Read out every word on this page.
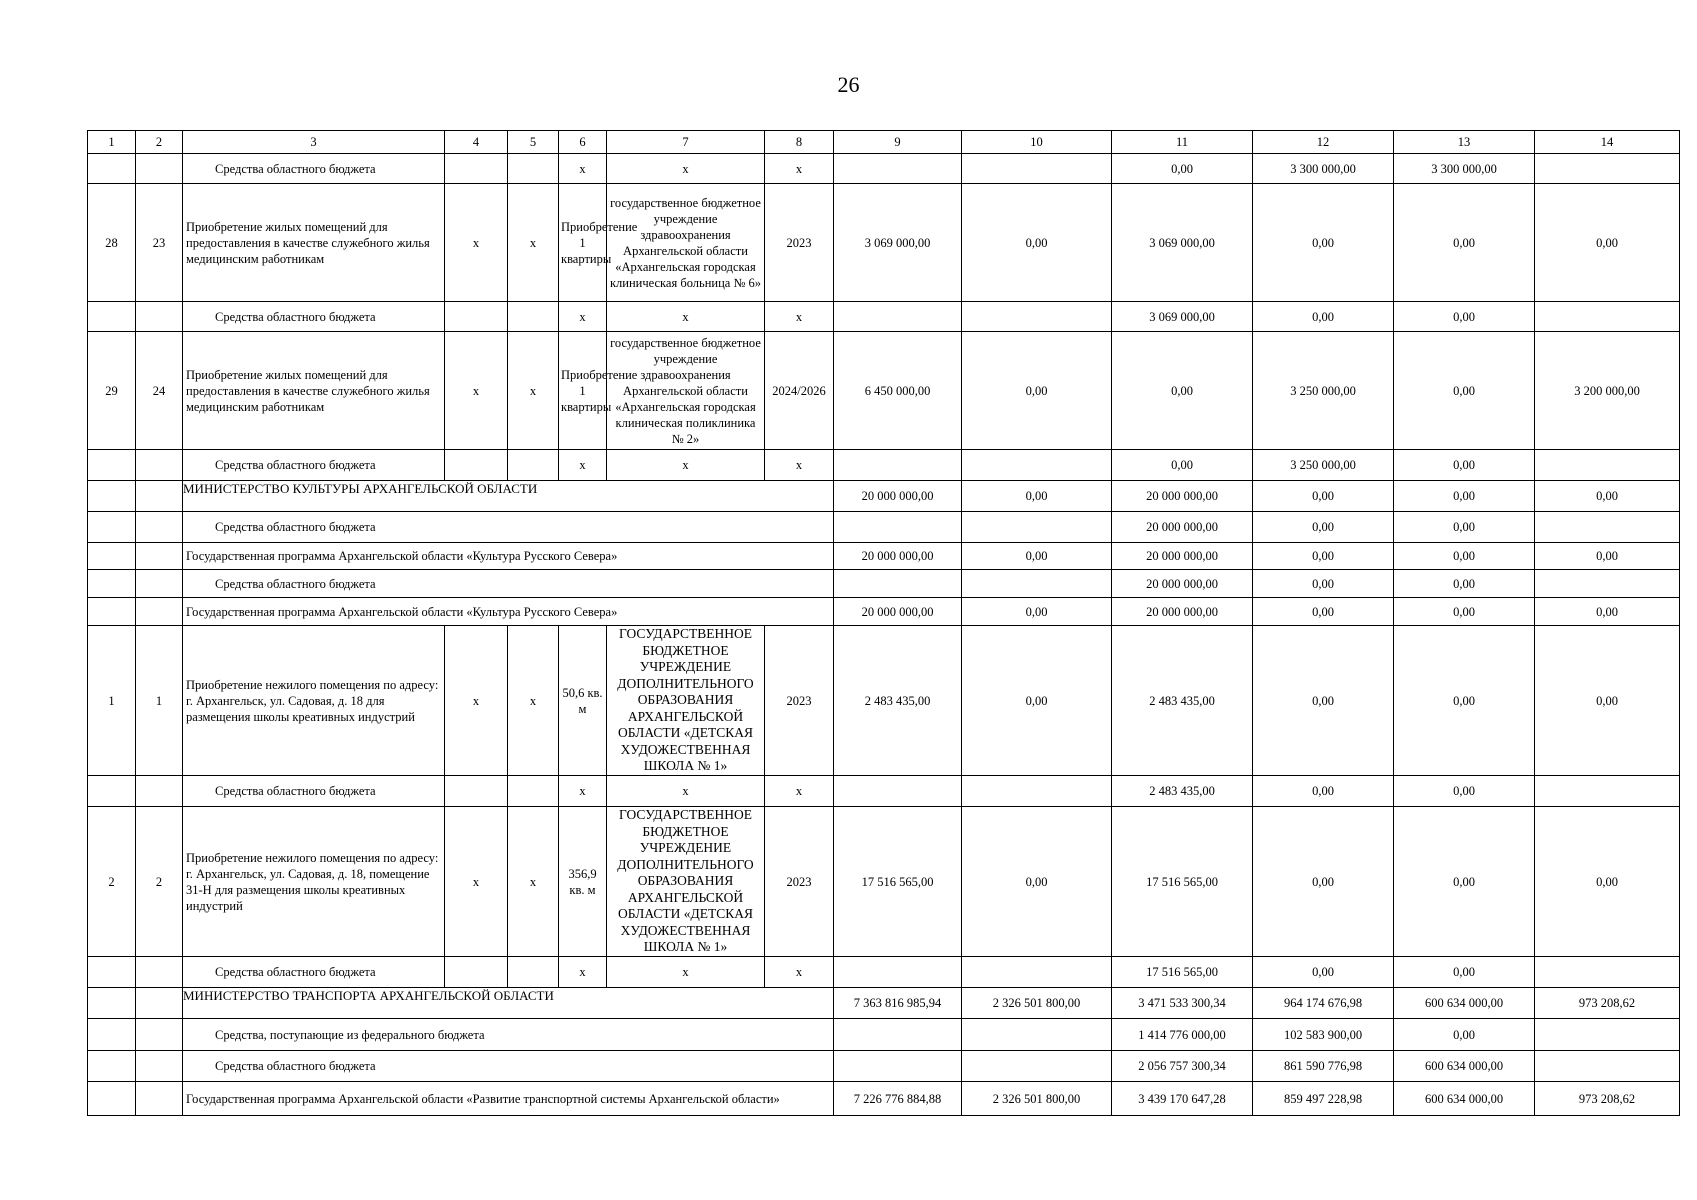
26
1	2	3	4	5	6	7	8	9	10	11	12	13	14
		Средства областного бюджета			x	x	x			0,00	3 300 000,00	3 300 000,00	
28	23	Приобретение жилых помещений для предоставления в качестве служебного жилья медицинским работникам	x	x	Приобретение 1 квартиры	государственное бюджетное учреждение здравоохранения Архангельской области «Архангельская городская клиническая больница № 6»	2023	3 069 000,00	0,00	3 069 000,00	0,00	0,00	0,00
		Средства областного бюджета			x	x	x			3 069 000,00	0,00	0,00	
29	24	Приобретение жилых помещений для предоставления в качестве служебного жилья медицинским работникам	x	x	Приобретение 1 квартиры	государственное бюджетное учреждение здравоохранения Архангельской области «Архангельская городская клиническая поликлиника № 2»	2024/2026	6 450 000,00	0,00	0,00	3 250 000,00	0,00	3 200 000,00
		Средства областного бюджета			x	x	x			0,00	3 250 000,00	0,00	
		МИНИСТЕРСТВО КУЛЬТУРЫ АРХАНГЕЛЬСКОЙ ОБЛАСТИ						20 000 000,00	0,00	20 000 000,00	0,00	0,00	0,00
		Средства областного бюджета								20 000 000,00	0,00	0,00	
		Государственная программа Архангельской области «Культура Русского Севера»						20 000 000,00	0,00	20 000 000,00	0,00	0,00	0,00
		Средства областного бюджета								20 000 000,00	0,00	0,00	
		Государственная программа Архангельской области «Культура Русского Севера»						20 000 000,00	0,00	20 000 000,00	0,00	0,00	0,00
1	1	Приобретение нежилого помещения по адресу: г. Архангельск, ул. Садовая, д. 18 для размещения школы креативных индустрий	x	x	50,6 кв. м	ГОСУДАРСТВЕННОЕ БЮДЖЕТНОЕ УЧРЕЖДЕНИЕ ДОПОЛНИТЕЛЬНОГО ОБРАЗОВАНИЯ АРХАНГЕЛЬСКОЙ ОБЛАСТИ «ДЕТСКАЯ ХУДОЖЕСТВЕННАЯ ШКОЛА № 1»	2023	2 483 435,00	0,00	2 483 435,00	0,00	0,00	0,00
		Средства областного бюджета			x	x	x			2 483 435,00	0,00	0,00	
2	2	Приобретение нежилого помещения по адресу: г. Архангельск, ул. Садовая, д. 18, помещение 31-Н для размещения школы креативных индустрий	x	x	356,9 кв. м	ГОСУДАРСТВЕННОЕ БЮДЖЕТНОЕ УЧРЕЖДЕНИЕ ДОПОЛНИТЕЛЬНОГО ОБРАЗОВАНИЯ АРХАНГЕЛЬСКОЙ ОБЛАСТИ «ДЕТСКАЯ ХУДОЖЕСТВЕННАЯ ШКОЛА № 1»	2023	17 516 565,00	0,00	17 516 565,00	0,00	0,00	0,00
		Средства областного бюджета			x	x	x			17 516 565,00	0,00	0,00	
		МИНИСТЕРСТВО ТРАНСПОРТА АРХАНГЕЛЬСКОЙ ОБЛАСТИ						7 363 816 985,94	2 326 501 800,00	3 471 533 300,34	964 174 676,98	600 634 000,00	973 208,62
		Средства, поступающие из федерального бюджета								1 414 776 000,00	102 583 900,00	0,00	
		Средства областного бюджета								2 056 757 300,34	861 590 776,98	600 634 000,00	
		Государственная программа Архангельской области «Развитие транспортной системы Архангельской области»						7 226 776 884,88	2 326 501 800,00	3 439 170 647,28	859 497 228,98	600 634 000,00	973 208,62
